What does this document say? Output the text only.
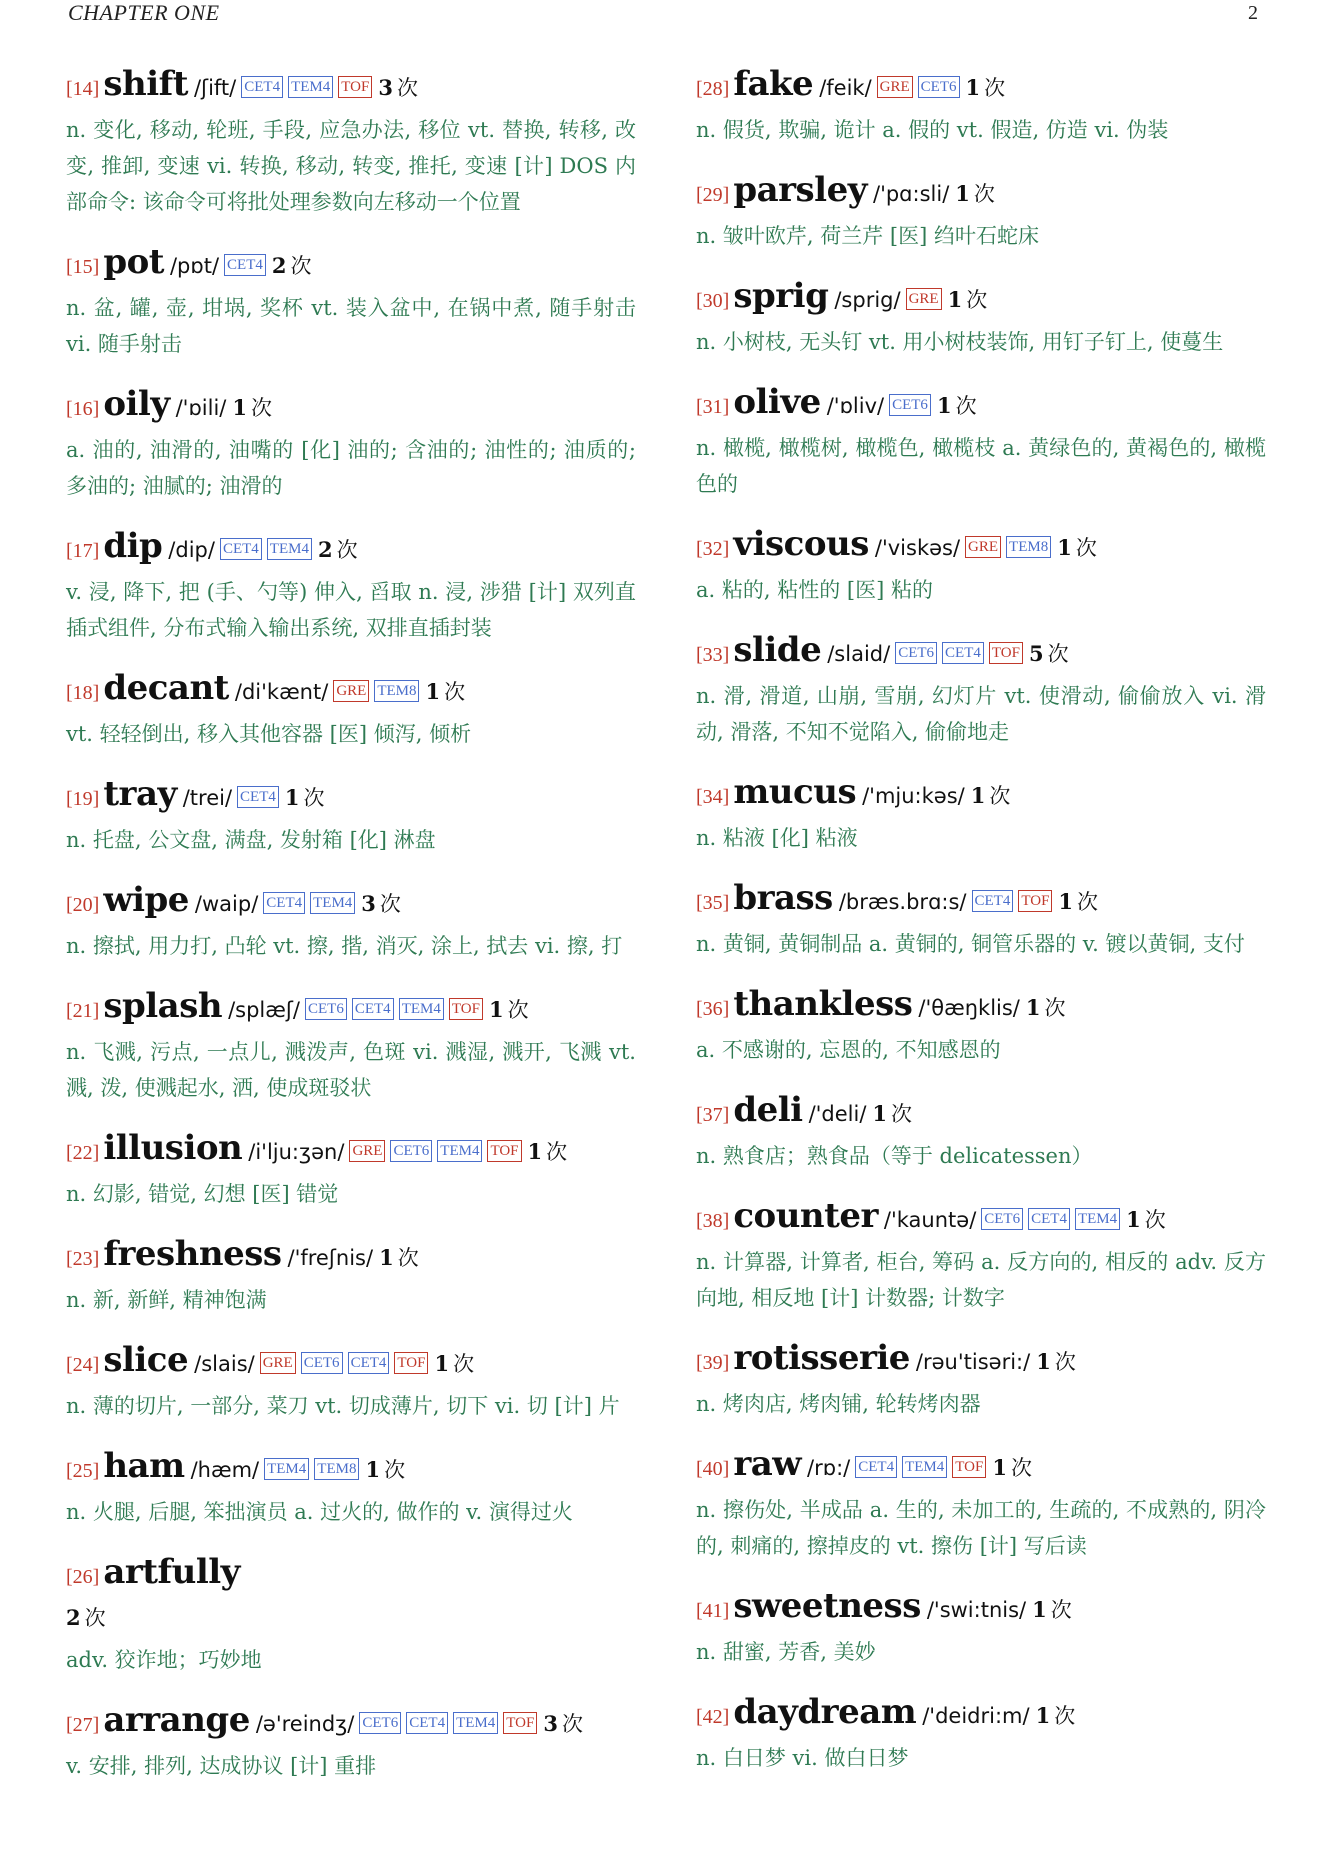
CHAPTER ONE	2
[14] shift /ʃift/ CET4 TEM4 TOF 3 次
n. 变化, 移动, 轮班, 手段, 应急办法, 移位 vt. 替换, 转移, 改变, 推卸, 变速 vi. 转换, 移动, 转变, 推托, 变速 [计] DOS 内部命令: 该命令可将批处理参数向左移动一个位置
[15] pot /pɒt/ CET4 2 次
n. 盆, 罐, 壶, 坩埚, 奖杯 vt. 装入盆中, 在锅中煮, 随手射击 vi. 随手射击
[16] oily /'ɒili/ 1 次
a. 油的, 油滑的, 油嘴的 [化] 油的; 含油的; 油性的; 油质的; 多油的; 油腻的; 油滑的
[17] dip /dip/ CET4 TEM4 2 次
v. 浸, 降下, 把 (手、勺等) 伸入, 舀取 n. 浸, 涉猎 [计] 双列直插式组件, 分布式输入输出系统, 双排直插封装
[18] decant /di'kænt/ GRE TEM8 1 次
vt. 轻轻倒出, 移入其他容器 [医] 倾泻, 倾析
[19] tray /trei/ CET4 1 次
n. 托盘, 公文盘, 满盘, 发射箱 [化] 淋盘
[20] wipe /waip/ CET4 TEM4 3 次
n. 擦拭, 用力打, 凸轮 vt. 擦, 揩, 消灭, 涂上, 拭去 vi. 擦, 打
[21] splash /splæʃ/ CET6 CET4 TEM4 TOF 1 次
n. 飞溅, 污点, 一点儿, 溅泼声, 色斑 vi. 溅湿, 溅开, 飞溅 vt. 溅, 泼, 使溅起水, 洒, 使成斑驳状
[22] illusion /i'lju:ʒən/ GRE CET6 TEM4 TOF 1 次
n. 幻影, 错觉, 幻想 [医] 错觉
[23] freshness /'freʃnis/ 1 次
n. 新, 新鲜, 精神饱满
[24] slice /slais/ GRE CET6 CET4 TOF 1 次
n. 薄的切片, 一部分, 菜刀 vt. 切成薄片, 切下 vi. 切 [计] 片
[25] ham /hæm/ TEM4 TEM8 1 次
n. 火腿, 后腿, 笨拙演员 a. 过火的, 做作的 v. 演得过火
[26] artfully
2 次
adv. 狡诈地；巧妙地
[27] arrange /ə'reindʒ/ CET6 CET4 TEM4 TOF 3 次
v. 安排, 排列, 达成协议 [计] 重排
[28] fake /feik/ GRE CET6 1 次
n. 假货, 欺骗, 诡计 a. 假的 vt. 假造, 仿造 vi. 伪装
[29] parsley /'pɑ:sli/ 1 次
n. 皱叶欧芹, 荷兰芹 [医] 绉叶石蛇床
[30] sprig /sprig/ GRE 1 次
n. 小树枝, 无头钉 vt. 用小树枝装饰, 用钉子钉上, 使蔓生
[31] olive /'ɒliv/ CET6 1 次
n. 橄榄, 橄榄树, 橄榄色, 橄榄枝 a. 黄绿色的, 黄褐色的, 橄榄色的
[32] viscous /'viskəs/ GRE TEM8 1 次
a. 粘的, 粘性的 [医] 粘的
[33] slide /slaid/ CET6 CET4 TOF 5 次
n. 滑, 滑道, 山崩, 雪崩, 幻灯片 vt. 使滑动, 偷偷放入 vi. 滑动, 滑落, 不知不觉陷入, 偷偷地走
[34] mucus /'mju:kəs/ 1 次
n. 粘液 [化] 粘液
[35] brass /bræs.brɑ:s/ CET4 TOF 1 次
n. 黄铜, 黄铜制品 a. 黄铜的, 铜管乐器的 v. 镀以黄铜, 支付
[36] thankless /'θæŋklis/ 1 次
a. 不感谢的, 忘恩的, 不知感恩的
[37] deli /'deli/ 1 次
n. 熟食店；熟食品（等于 delicatessen）
[38] counter /'kauntə/ CET6 CET4 TEM4 1 次
n. 计算器, 计算者, 柜台, 筹码 a. 反方向的, 相反的 adv. 反方向地, 相反地 [计] 计数器; 计数字
[39] rotisserie /rəu'tisəri:/ 1 次
n. 烤肉店, 烤肉铺, 轮转烤肉器
[40] raw /rɒ:/ CET4 TEM4 TOF 1 次
n. 擦伤处, 半成品 a. 生的, 未加工的, 生疏的, 不成熟的, 阴冷的, 刺痛的, 擦掉皮的 vt. 擦伤 [计] 写后读
[41] sweetness /'swi:tnis/ 1 次
n. 甜蜜, 芳香, 美妙
[42] daydream /'deidri:m/ 1 次
n. 白日梦 vi. 做白日梦
